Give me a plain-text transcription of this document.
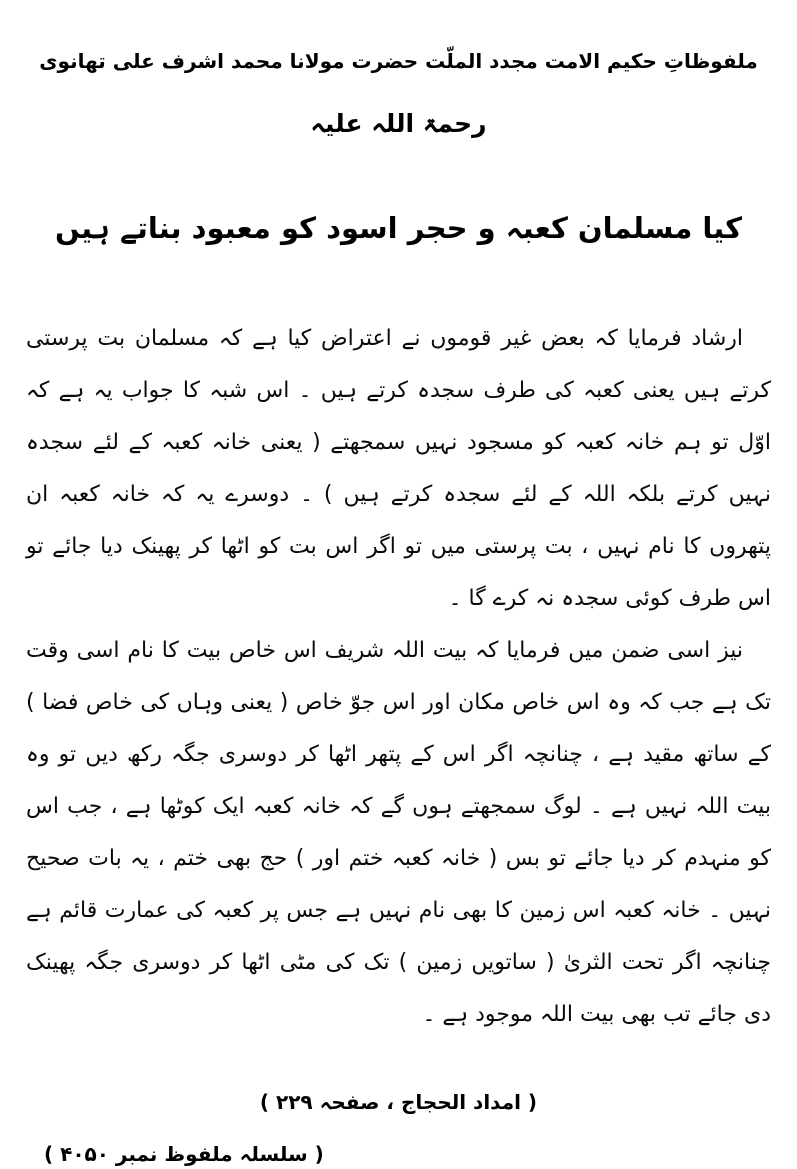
ملفوظاتِ حکیم الامت مجدد الملّت حضرت مولانا محمد اشرف علی تھانوی
رحمۃ اللہ علیہ
کیا مسلمان کعبہ و حجر اسود کو معبود بناتے ہیں

ارشاد فرمایا کہ بعض غیر قوموں نے اعتراض کیا ہے کہ مسلمان بت پرستی کرتے ہیں یعنی کعبہ کی طرف سجدہ کرتے ہیں ۔ اس شبہ کا جواب یہ ہے کہ اوّل تو ہم خانہ کعبہ کو مسجود نہیں سمجھتے ( یعنی خانہ کعبہ کے لئے سجدہ نہیں کرتے بلکہ اللہ کے لئے سجدہ کرتے ہیں ) ۔ دوسرے یہ کہ خانہ کعبہ ان پتھروں کا نام نہیں ، بت پرستی میں تو اگر اس بت کو اٹھا کر پھینک دیا جائے تو اس طرف کوئی سجدہ نہ کرے گا ۔

نیز اسی ضمن میں فرمایا کہ بیت اللہ شریف اس خاص بیت کا نام اسی وقت تک ہے جب کہ وہ اس خاص مکان اور اس جوّ خاص ( یعنی وہاں کی خاص فضا ) کے ساتھ مقید ہے ، چنانچہ اگر اس کے پتھر اٹھا کر دوسری جگہ رکھ دیں تو وہ بیت اللہ نہیں ہے ۔ لوگ سمجھتے ہوں گے کہ خانہ کعبہ ایک کوٹھا ہے ، جب اس کو منہدم کر دیا جائے تو بس ( خانہ کعبہ ختم اور ) حج بھی ختم ، یہ بات صحیح نہیں ۔ خانہ کعبہ اس زمین کا بھی نام نہیں ہے جس پر کعبہ کی عمارت قائم ہے چنانچہ اگر تحت الثریٰ ( ساتویں زمین ) تک کی مٹی اٹھا کر دوسری جگہ پھینک دی جائے تب بھی بیت اللہ موجود ہے ۔

( امداد الحجاج ، صفحہ ۲۲۹ )
( سلسلہ ملفوظ نمبر ۴۰۵۰ )
